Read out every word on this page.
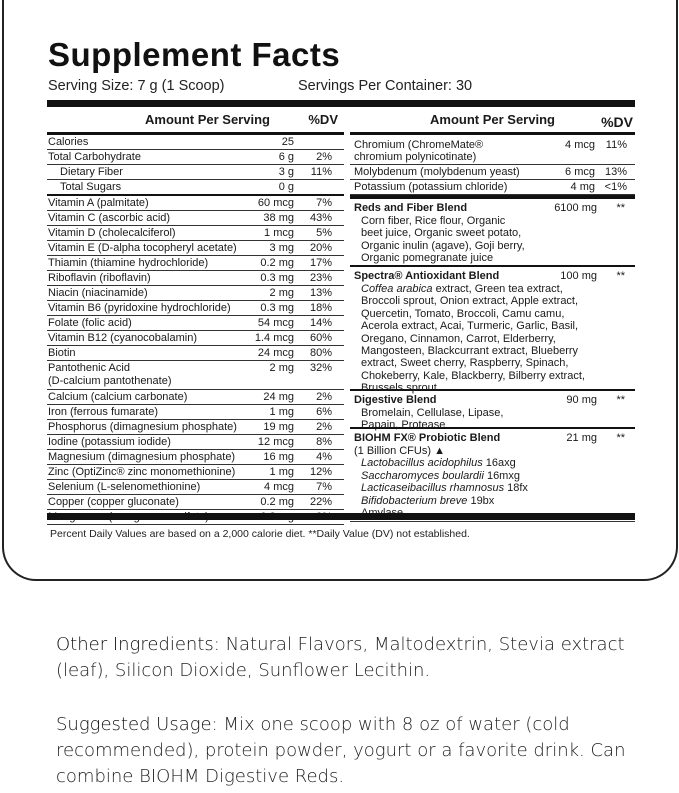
Supplement Facts
Serving Size: 7 g (1 Scoop)	Servings Per Container: 30
Amount Per Serving	%DV
Calories	25
Total Carbohydrate	6 g 2%
Dietary Fiber	3 g 11%
Total Sugars	0 g
Vitamin A (palmitate)	60 mcg 7%
Vitamin C (ascorbic acid)	38 mg 43%
Vitamin D (cholecalciferol)	1 mcg 5%
Vitamin E (D-alpha tocopheryl acetate)	3 mg 20%
Thiamin (thiamine hydrochloride)	0.2 mg 17%
Riboflavin (riboflavin)	0.3 mg 23%
Niacin (niacinamide)	2 mg 13%
Vitamin B6 (pyridoxine hydrochloride)	0.3 mg 18%
Folate (folic acid)	54 mcg 14%
Vitamin B12 (cyanocobalamin)	1.4 mcg 60%
Biotin	24 mcg 80%
Pantothenic Acid
(D-calcium pantothenate)
2 mg 32%
Calcium (calcium carbonate)	24 mg 2%
Iron (ferrous fumarate)	1 mg 6%
Phosphorus (dimagnesium phosphate) 19 mg 2%
Iodine (potassium iodide)	12 mcg 8%
Magnesium (dimagnesium phosphate)	16 mg 4%
Zinc (OptiZinc® zinc monomethionine)	1 mg 12%
Selenium (L-selenomethionine)	4 mcg 7%
Copper (copper gluconate)	0.2 mg 22%
Amount Per Serving	%DV
Chromium (ChromeMate®
chromium polynicotinate)
4 mcg 11%
Molybdenum (molybdenum yeast)	6 mcg 13%
Potassium (potassium chloride)	4 mg <1%
Reds and Fiber Blend	6100 mg **
Corn fiber, Rice flour, Organic
beet juice, Organic sweet potato,
Organic inulin (agave), Goji berry,
Organic pomegranate juice
Spectra® Antioxidant Blend	100 mg **
Coffea arabica extract, Green tea extract,
Broccoli sprout, Onion extract, Apple extract,
Quercetin, Tomato, Broccoli, Camu camu,
Acerola extract, Acai, Turmeric, Garlic, Basil,
Oregano, Cinnamon, Carrot, Elderberry,
Mangosteen, Blackcurrant extract, Blueberry
extract, Sweet cherry, Raspberry, Spinach,
Chokeberry, Kale, Blackberry, Bilberry extract,
Brussels sprout
Digestive Blend	90 mg **
Bromelain, Cellulase, Lipase,
Papain, Protease
BIOHM FX® Probiotic Blend	21 mg **
(1 Billion CFUs) ▲
Lactobacillus acidophilus 16axg
Saccharomyces boulardii 16mxg
Lacticaseibacillus rhamnosus 18fx
Bifidobacterium breve 19bx
Percent Daily Values are based on a 2,000 calorie diet. **Daily Value (DV) not established.
Other Ingredients: Natural Flavors, Maltodextrin, Stevia extract (leaf), Silicon Dioxide, Sunflower Lecithin.
Suggested Usage: Mix one scoop with 8 oz of water (cold recommended), protein powder, yogurt or a favorite drink. Can combine BIOHM Digestive Reds.
